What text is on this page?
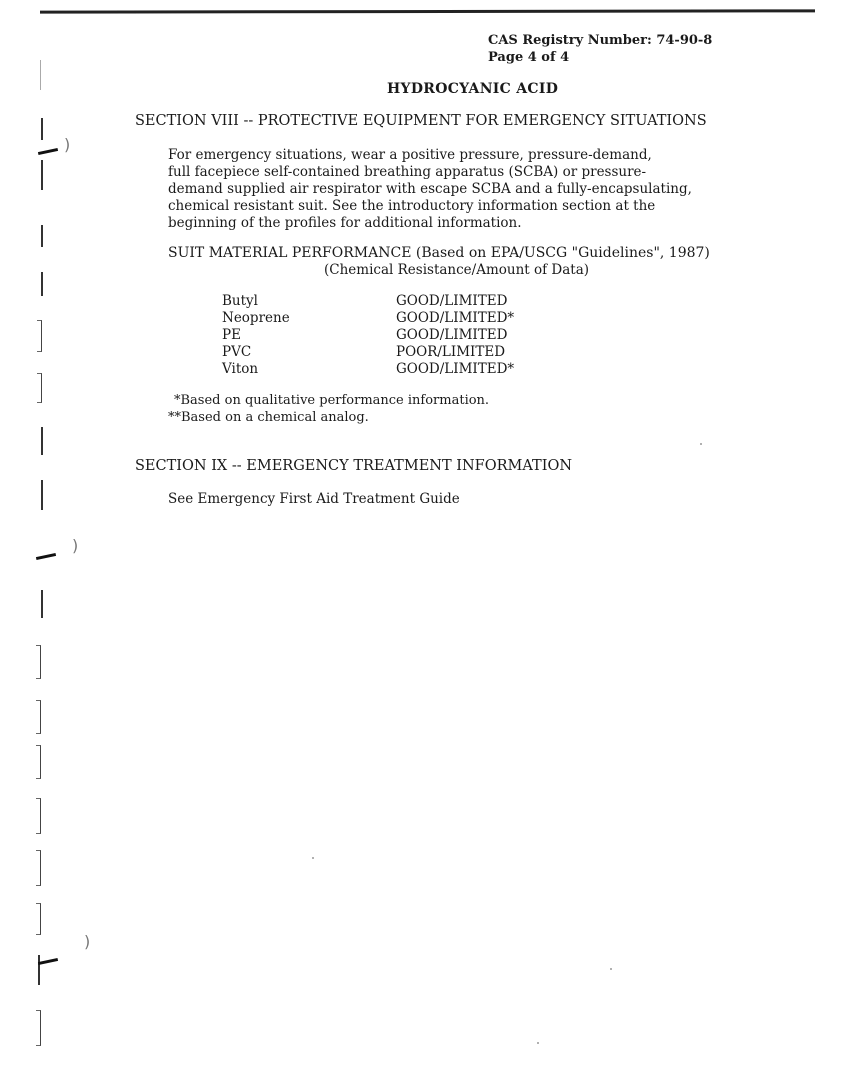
CAS Registry Number: 74-90-8
Page 4 of 4
HYDROCYANIC ACID
SECTION VIII -- PROTECTIVE EQUIPMENT FOR EMERGENCY SITUATIONS
For emergency situations, wear a positive pressure, pressure-demand,
full facepiece self-contained breathing apparatus (SCBA) or pressure-
demand supplied air respirator with escape SCBA and a fully-encapsulating,
chemical resistant suit. See the introductory information section at the
beginning of the profiles for additional information.
SUIT MATERIAL PERFORMANCE (Based on EPA/USCG "Guidelines", 1987)
(Chemical Resistance/Amount of Data)
Butyl	GOOD/LIMITED
Neoprene	GOOD/LIMITED*
PE	GOOD/LIMITED
PVC	POOR/LIMITED
Viton	GOOD/LIMITED*
*Based on qualitative performance information.
**Based on a chemical analog.
SECTION IX -- EMERGENCY TREATMENT INFORMATION
See Emergency First Aid Treatment Guide
)
)
)
